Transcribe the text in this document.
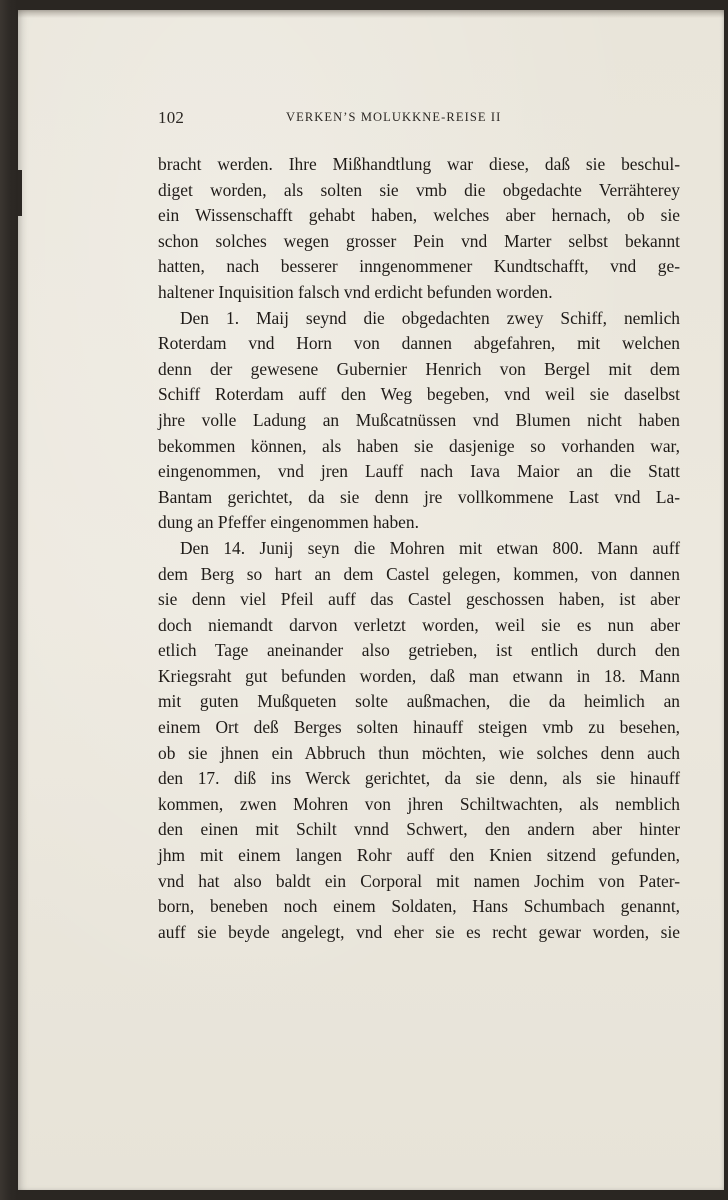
102	VERKEN’S MOLUKKNE-REISE II
bracht werden. Ihre Mißhandtlung war diese, daß sie beschul-
diget worden, als solten sie vmb die obgedachte Verrähterey
ein Wissenschafft gehabt haben, welches aber hernach, ob sie
schon solches wegen grosser Pein vnd Marter selbst bekannt
hatten, nach besserer inngenommener Kundtschafft, vnd ge-
haltener Inquisition falsch vnd erdicht befunden worden.
Den 1. Maij seynd die obgedachten zwey Schiff, nemlich
Roterdam vnd Horn von dannen abgefahren, mit welchen
denn der gewesene Gubernier Henrich von Bergel mit dem
Schiff Roterdam auff den Weg begeben, vnd weil sie daselbst
jhre volle Ladung an Mußcatnüssen vnd Blumen nicht haben
bekommen können, als haben sie dasjenige so vorhanden war,
eingenommen, vnd jren Lauff nach Iava Maior an die Statt
Bantam gerichtet, da sie denn jre vollkommene Last vnd La-
dung an Pfeffer eingenommen haben.
Den 14. Junij seyn die Mohren mit etwan 800. Mann auff
dem Berg so hart an dem Castel gelegen, kommen, von dannen
sie denn viel Pfeil auff das Castel geschossen haben, ist aber
doch niemandt darvon verletzt worden, weil sie es nun aber
etlich Tage aneinander also getrieben, ist entlich durch den
Kriegsraht gut befunden worden, daß man etwann in 18. Mann
mit guten Mußqueten solte außmachen, die da heimlich an
einem Ort deß Berges solten hinauff steigen vmb zu besehen,
ob sie jhnen ein Abbruch thun möchten, wie solches denn auch
den 17. diß ins Werck gerichtet, da sie denn, als sie hinauff
kommen, zwen Mohren von jhren Schiltwachten, als nemblich
den einen mit Schilt vnnd Schwert, den andern aber hinter
jhm mit einem langen Rohr auff den Knien sitzend gefunden,
vnd hat also baldt ein Corporal mit namen Jochim von Pater-
born, beneben noch einem Soldaten, Hans Schumbach genannt,
auff sie beyde angelegt, vnd eher sie es recht gewar worden, sie
